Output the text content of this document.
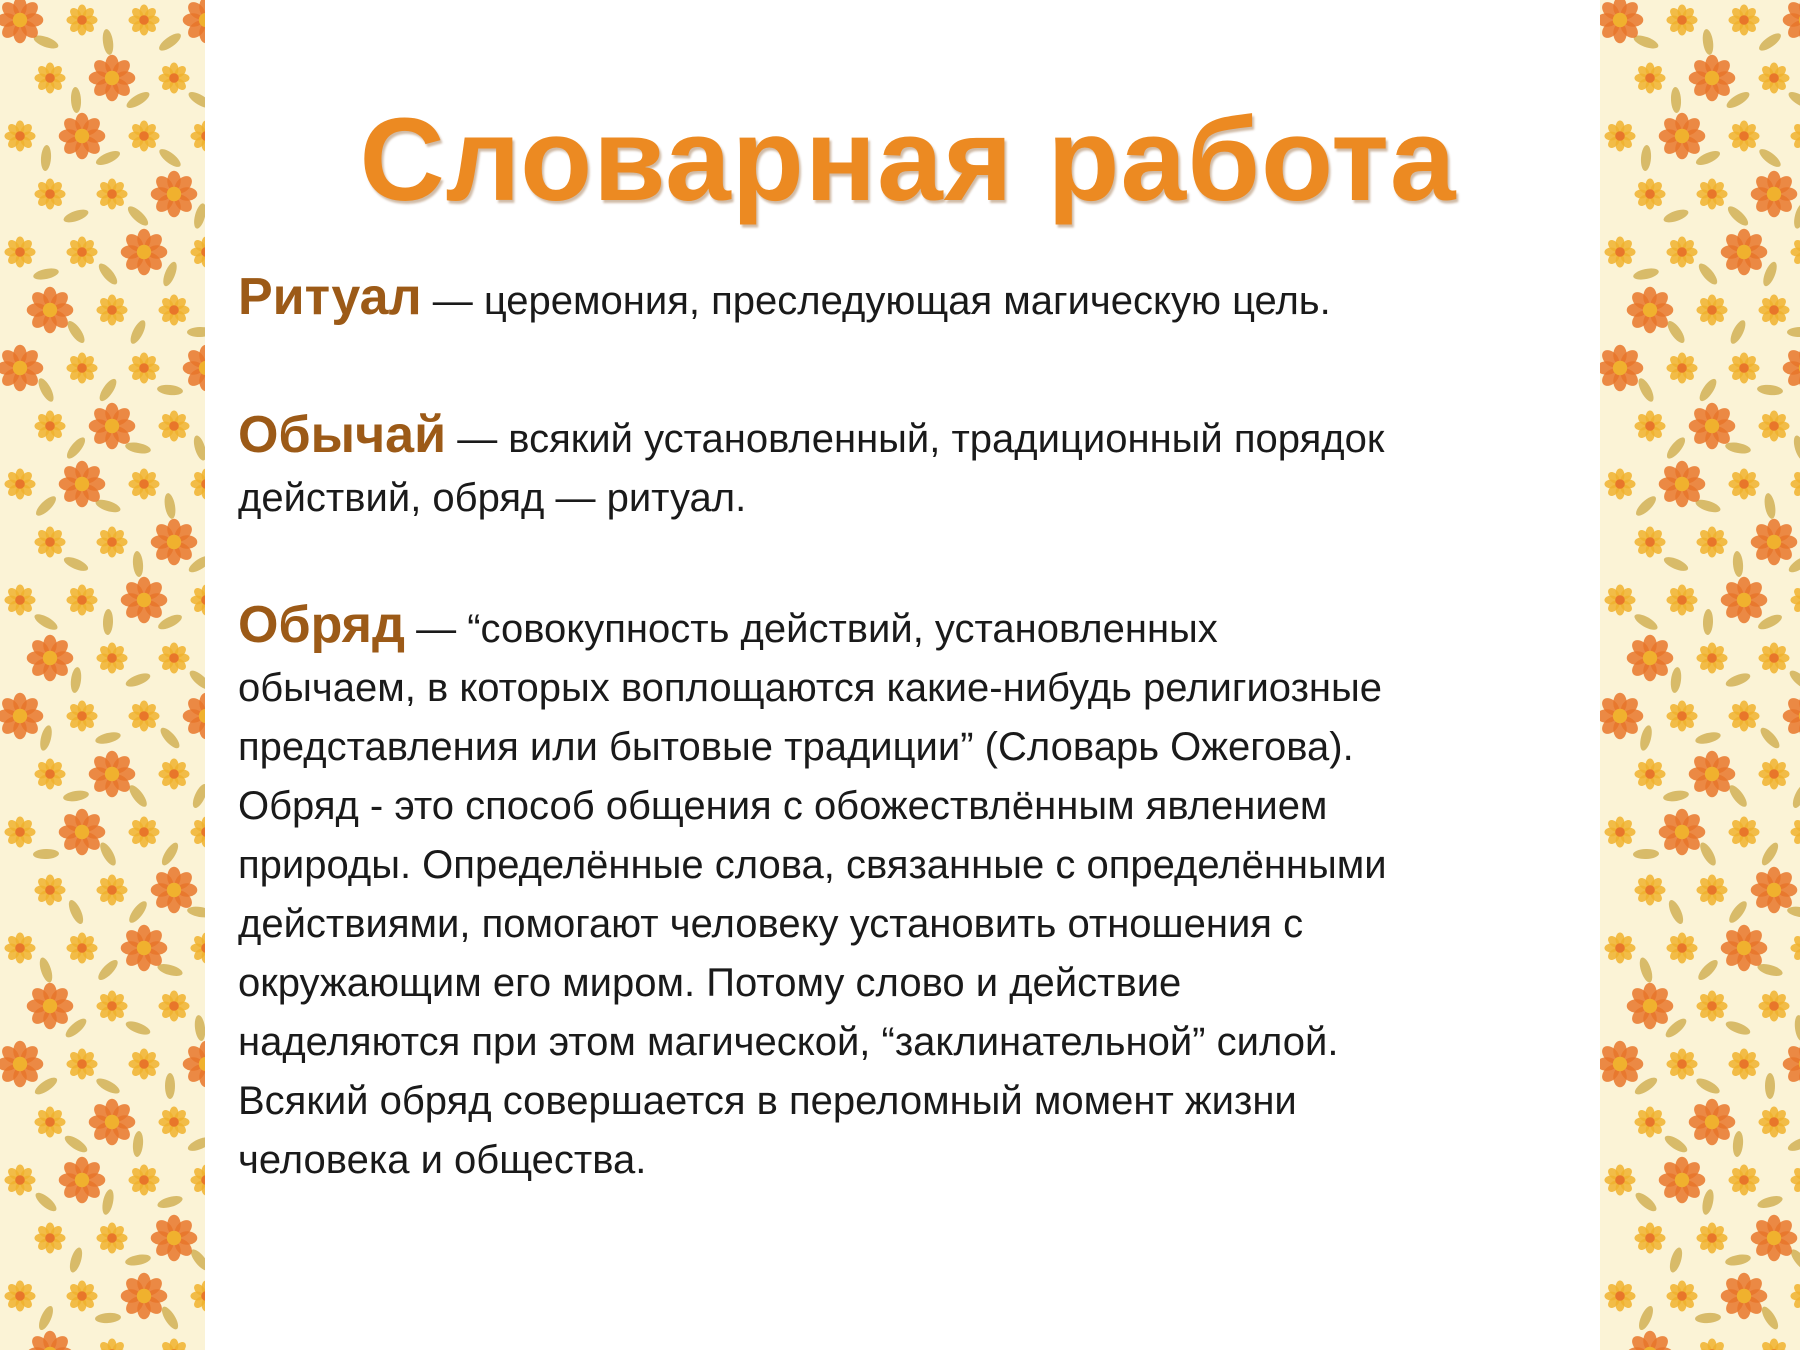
Словарная работа

Ритуал — церемония, преследующая магическую цель.

Обычай — всякий установленный, традиционный порядок
действий, обряд — ритуал.

Обряд — “совокупность действий, установленных
обычаем, в которых воплощаются какие-нибудь религиозные
представления или бытовые традиции” (Словарь Ожегова).
Обряд - это способ общения с обожествлённым явлением
природы. Определённые слова, связанные с определёнными
действиями, помогают человеку установить отношения с
окружающим его миром. Потому слово и действие
наделяются при этом магической, “заклинательной” силой.
Всякий обряд совершается в переломный момент жизни
человека и общества.
